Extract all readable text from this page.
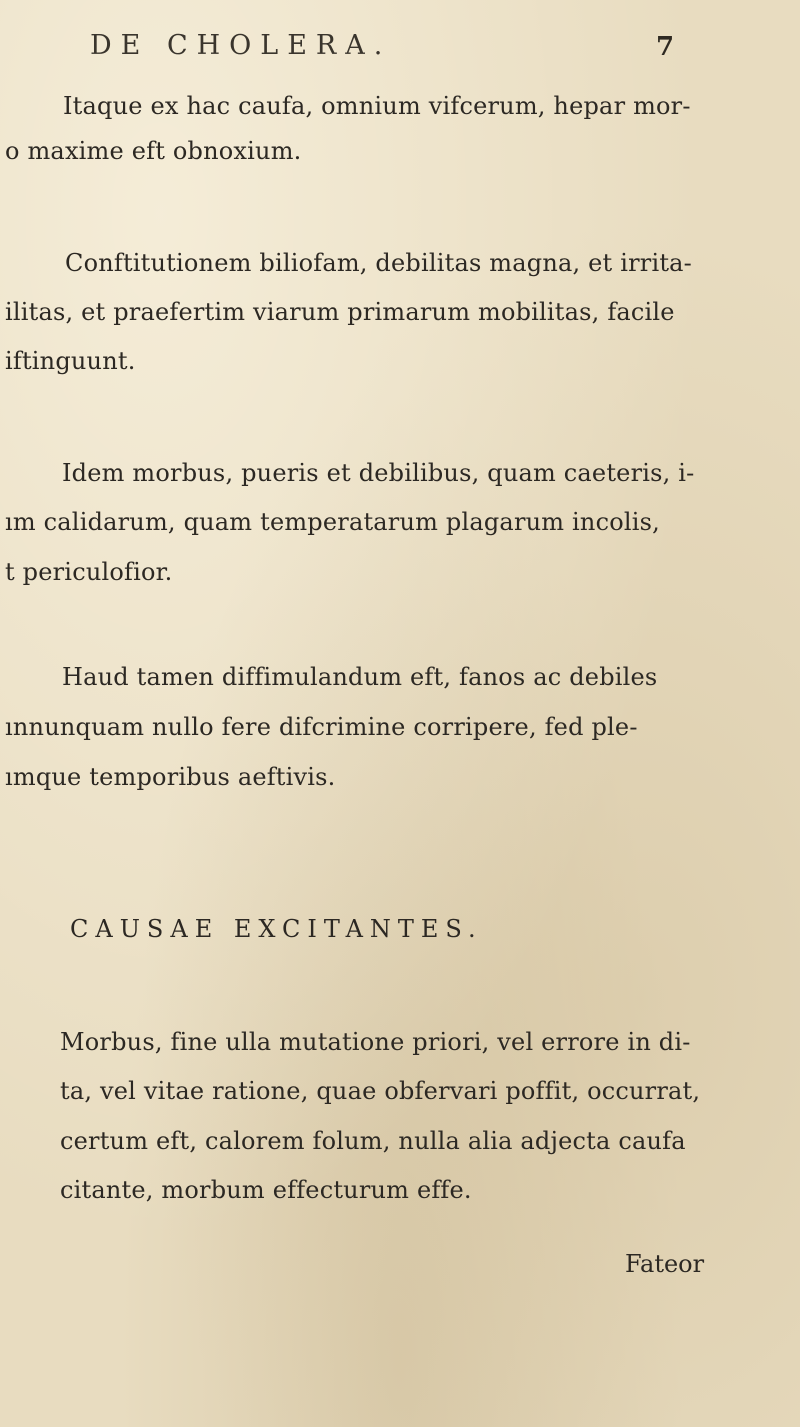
DE CHOLERA.	7
Itaque ex hac caufa, omnium vifcerum, hepar mor-
o maxime eft obnoxium.
Conftitutionem biliofam, debilitas magna, et irrita-
ilitas, et praefertim viarum primarum mobilitas, facile
iftinguunt.
Idem morbus, pueris et debilibus, quam caeteris, i-
ım calidarum, quam temperatarum plagarum incolis,
t periculofior.
Haud tamen diffimulandum eft, fanos ac debiles
ınnunquam nullo fere difcrimine corripere, fed ple-
ımque temporibus aeftivis.
CAUSAE EXCITANTES.
Morbus, fine ulla mutatione priori, vel errore in di-
ta, vel vitae ratione, quae obfervari poffit, occurrat,
certum eft, calorem folum, nulla alia adjecta caufa
citante, morbum effecturum effe.
Fateor
